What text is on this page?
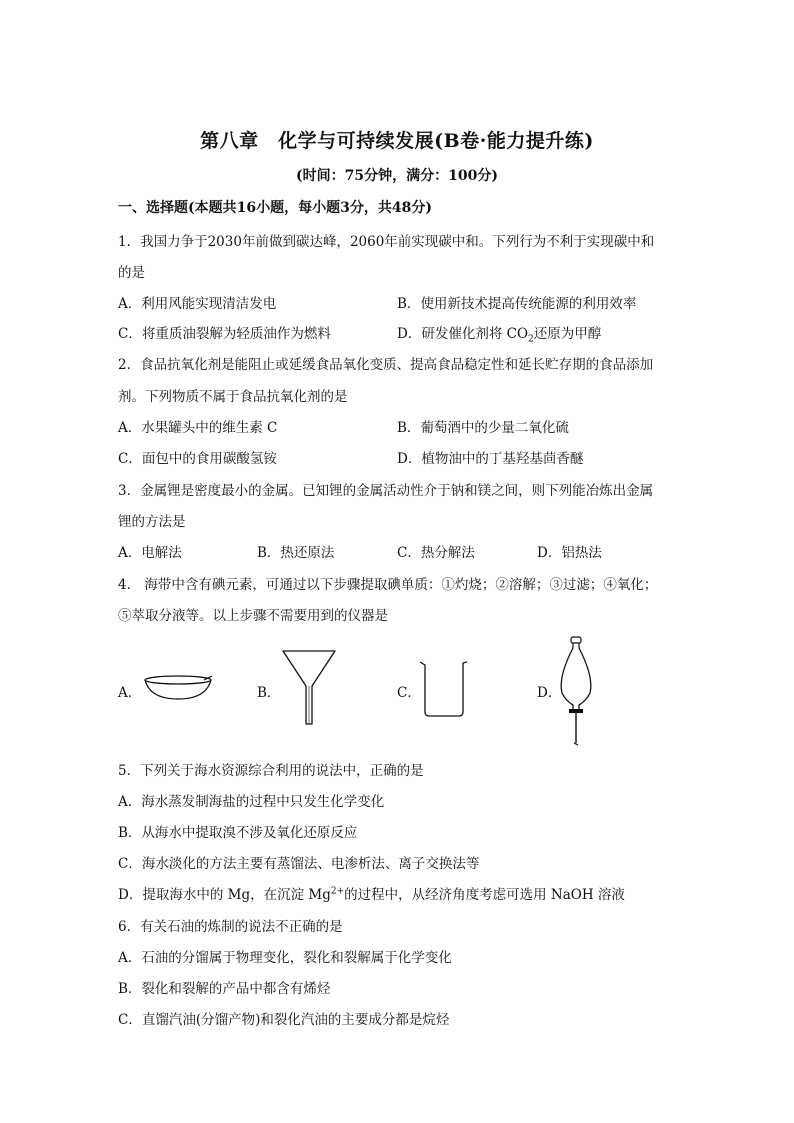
第八章　化学与可持续发展(B卷·能力提升练)
(时间：75分钟，满分：100分)
一、选择题(本题共16小题，每小题3分，共48分)
1．我国力争于2030年前做到碳达峰，2060年前实现碳中和。下列行为不利于实现碳中和
的是
A．利用风能实现清洁发电	B．使用新技术提高传统能源的利用效率
C．将重质油裂解为轻质油作为燃料	D．研发催化剂将 $CO_2$还原为甲醇
2．食品抗氧化剂是能阻止或延缓食品氧化变质、提高食品稳定性和延长贮存期的食品添加
剂。下列物质不属于食品抗氧化剂的是
A．水果罐头中的维生素 C	B．葡萄酒中的少量二氧化硫
C．面包中的食用碳酸氢铵	D．植物油中的丁基羟基茴香醚
3．金属锂是密度最小的金属。已知锂的金属活动性介于钠和镁之间，则下列能冶炼出金属
锂的方法是
A．电解法	B．热还原法	C．热分解法	D．铝热法
4． 海带中含有碘元素，可通过以下步骤提取碘单质：①灼烧；②溶解；③过滤；④氧化；
⑤萃取分液等。以上步骤不需要用到的仪器是
A．	B．	C．	D．
5．下列关于海水资源综合利用的说法中，正确的是
A．海水蒸发制海盐的过程中只发生化学变化
B．从海水中提取溴不涉及氧化还原反应
C．海水淡化的方法主要有蒸馏法、电渗析法、离子交换法等
D．提取海水中的 Mg，在沉淀 $Mg^{2+}$的过程中，从经济角度考虑可选用 NaOH 溶液
6．有关石油的炼制的说法不正确的是
A．石油的分馏属于物理变化，裂化和裂解属于化学变化
B．裂化和裂解的产品中都含有烯烃
C．直馏汽油(分馏产物)和裂化汽油的主要成分都是烷烃
